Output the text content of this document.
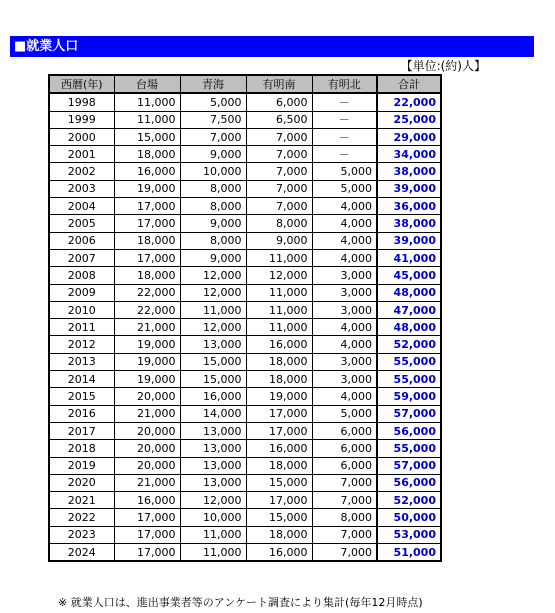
■就業人口
【単位:(約)人】
西暦(年)	台場	青海	有明南	有明北	合計
1998	11,000	5,000	6,000	－	22,000
1999	11,000	7,500	6,500	－	25,000
2000	15,000	7,000	7,000	－	29,000
2001	18,000	9,000	7,000	－	34,000
2002	16,000	10,000	7,000	5,000	38,000
2003	19,000	8,000	7,000	5,000	39,000
2004	17,000	8,000	7,000	4,000	36,000
2005	17,000	9,000	8,000	4,000	38,000
2006	18,000	8,000	9,000	4,000	39,000
2007	17,000	9,000	11,000	4,000	41,000
2008	18,000	12,000	12,000	3,000	45,000
2009	22,000	12,000	11,000	3,000	48,000
2010	22,000	11,000	11,000	3,000	47,000
2011	21,000	12,000	11,000	4,000	48,000
2012	19,000	13,000	16,000	4,000	52,000
2013	19,000	15,000	18,000	3,000	55,000
2014	19,000	15,000	18,000	3,000	55,000
2015	20,000	16,000	19,000	4,000	59,000
2016	21,000	14,000	17,000	5,000	57,000
2017	20,000	13,000	17,000	6,000	56,000
2018	20,000	13,000	16,000	6,000	55,000
2019	20,000	13,000	18,000	6,000	57,000
2020	21,000	13,000	15,000	7,000	56,000
2021	16,000	12,000	17,000	7,000	52,000
2022	17,000	10,000	15,000	8,000	50,000
2023	17,000	11,000	18,000	7,000	53,000
2024	17,000	11,000	16,000	7,000	51,000
※ 就業人口は、進出事業者等のアンケート調査により集計(毎年12月時点)
